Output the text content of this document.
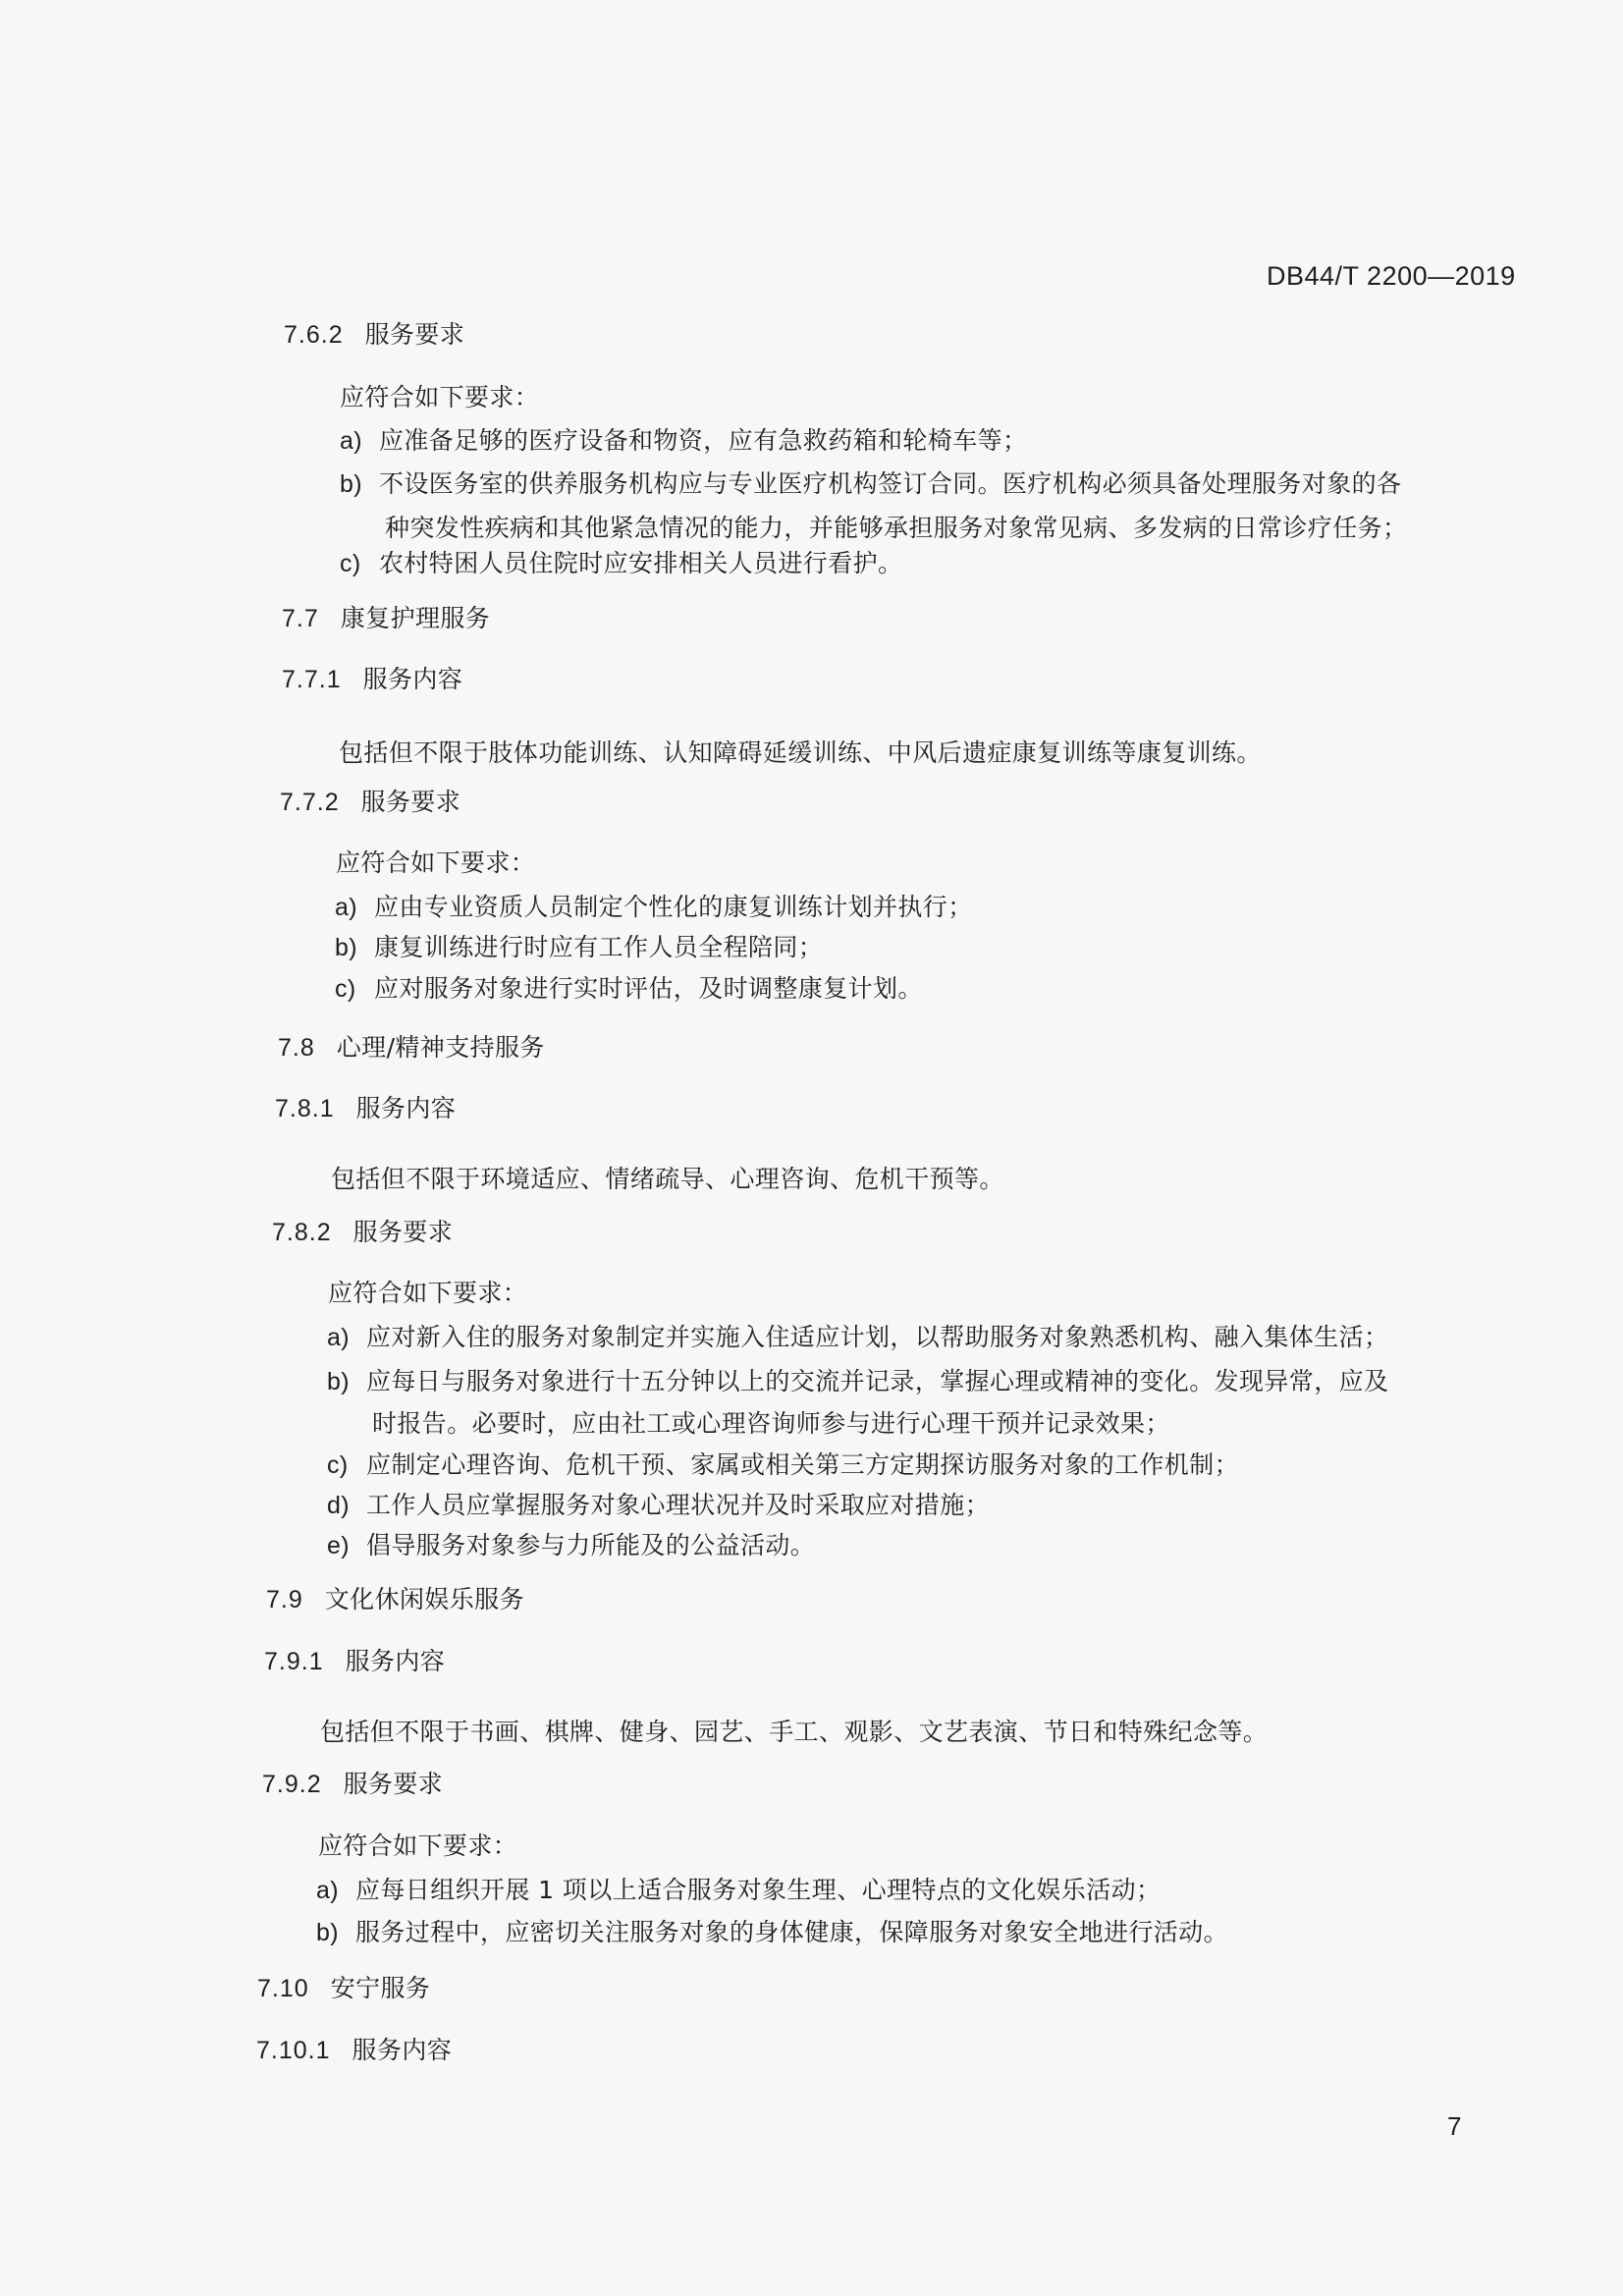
DB44/T 2200—2019
7.6.2 服务要求
应符合如下要求：
a) 应准备足够的医疗设备和物资，应有急救药箱和轮椅车等；
b) 不设医务室的供养服务机构应与专业医疗机构签订合同。医疗机构必须具备处理服务对象的各
种突发性疾病和其他紧急情况的能力，并能够承担服务对象常见病、多发病的日常诊疗任务；
c) 农村特困人员住院时应安排相关人员进行看护。
7.7 康复护理服务
7.7.1 服务内容
包括但不限于肢体功能训练、认知障碍延缓训练、中风后遗症康复训练等康复训练。
7.7.2 服务要求
应符合如下要求：
a) 应由专业资质人员制定个性化的康复训练计划并执行；
b) 康复训练进行时应有工作人员全程陪同；
c) 应对服务对象进行实时评估，及时调整康复计划。
7.8 心理/精神支持服务
7.8.1 服务内容
包括但不限于环境适应、情绪疏导、心理咨询、危机干预等。
7.8.2 服务要求
应符合如下要求：
a) 应对新入住的服务对象制定并实施入住适应计划，以帮助服务对象熟悉机构、融入集体生活；
b) 应每日与服务对象进行十五分钟以上的交流并记录，掌握心理或精神的变化。发现异常，应及
时报告。必要时，应由社工或心理咨询师参与进行心理干预并记录效果；
c) 应制定心理咨询、危机干预、家属或相关第三方定期探访服务对象的工作机制；
d) 工作人员应掌握服务对象心理状况并及时采取应对措施；
e) 倡导服务对象参与力所能及的公益活动。
7.9 文化休闲娱乐服务
7.9.1 服务内容
包括但不限于书画、棋牌、健身、园艺、手工、观影、文艺表演、节日和特殊纪念等。
7.9.2 服务要求
应符合如下要求：
a) 应每日组织开展 1 项以上适合服务对象生理、心理特点的文化娱乐活动；
b) 服务过程中，应密切关注服务对象的身体健康，保障服务对象安全地进行活动。
7.10 安宁服务
7.10.1 服务内容
7
